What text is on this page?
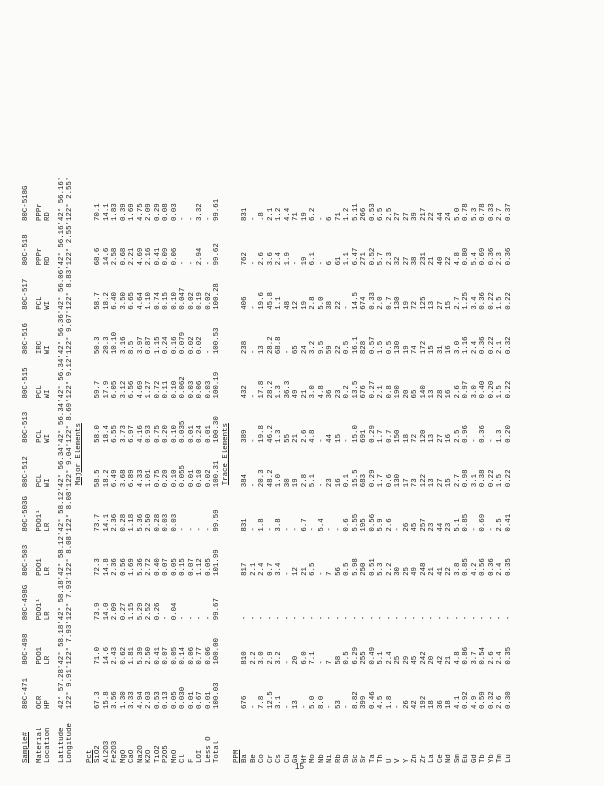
Sample#	80C-471	80C-498	80C-498G	80C-503	80C-503G	80C-512	80C-513	80C-515	80C-516	80C-517	80C-518	80C-518G

Material	OCR	PDO1	PDO1¹	PDO1	PDO1¹	PCL	PCL	PCL	IRC	PCL	PPPr	PPPr
Location	HP	LR	LR	LR	LR	WI	WI	WI	WI	WI	RD	RD

Latitude	42° 57.28'	42° 58.18'	42° 58.18'	42° 58.12'	42° 58.12'	42° 56.34'	42° 56.34'	42° 56.34'	42° 56.36'	42° 56.06'	42° 56.16'	42° 56.16'
Longitude	122° 9.91'	122° 7.93'	122° 7.93'	122° 8.08'	122° 8.08'	122° 9.04'	122° 8.69'	122° 9.12'	122° 9.07'	122° 8.83'	122° 2.55'	122° 2.55'
						Major Elements						
Pct												
SiO2	67.3	71.0	73.9	72.3	73.7	58.5	58.0	59.7	50.3	58.7	68.6	70.1
Al2O3	15.8	14.6	14.0	14.8	14.1	18.2	18.4	17.9	20.3	18.2	14.6	14.1
Fe2O3	3.56	2.43	2.09	2.36	2.36	6.49	6.55	6.05	10.10	6.40	2.58	1.83
MgO	1.30	0.62	0.27	0.56	0.28	3.68	3.73	3.12	3.16	3.50	0.68	0.39
CaO	3.33	1.81	1.15	1.69	1.18	6.89	6.97	6.56	8.5	6.65	2.21	1.69
Na2O	4.94	5.39	5.29	5.36	5.36	4.33	4.16	4.69	3.97	4.64	4.69	4.75
K2O	2.03	2.50	2.52	2.72	2.50	1.01	0.93	1.27	0.87	1.10	2.16	2.09
TiO2	0.53	0.41	0.26	0.40	0.28	0.75	0.75	0.72	1.15	0.74	0.41	0.29
P2O5	0.13	0.07	-	0.07	0.03	0.20	0.20	0.11	0.24	0.15	0.09	0.08
MnO	0.05	0.05	0.04	0.05	0.03	0.10	0.10	0.10	0.16	0.10	0.06	0.03
Cl	0.030	0.14	-	0.15	-	0.055	0.035	0.062	0.079	0.047	-	-
F	0.01	0.06	-	0.07	-	0.01	0.01	0.03	0.02	0.02	-	-
LOI	0.67	0.77	-	1.12	-	0.10	0.24	0.06	0.02	0.19	2.94	3.32
Less O	0.01	0.06	-	0.05	-	0.02	0.01	0.03	-	0.02	-	-
Total	100.03	100.00	99.67	101.99	99.59	100.31	100.30	100.19	100.53	100.28	99.62	99.61
						Trace Elements						
PPM												
Ba	676	810	-	817	831	384	389	432	238	406	762	831
Be	-	2.2	-	2.1	-	-	-	-	-	-	-	-
Co	7.8	3.0	-	2.4	1.8	20.3	19.8	17.8	13	19.6	2.6	.8
Cr	12.5	2.9	-	0.7	-	48.2	46.2	28.2	28.2	45.8	3.6	2.1
Cs	3.1	3.2	-	3.4	3.8	1.0	1.3	1.3	68.8	1.1	2.4	1.2
Cu	-	-	-	-	-	30	55	36.3	-	48	1.9	4.4
Ga	13	20	-	12	-	19	21	49	65	12	-	71
Hf	-	6.0	-	21	6.7	2.8	2.6	21	24	19	19	19
Mo	5.0	7.1	-	6.5	-	5.1	4.8	3.0	3.2	2.8	6.1	6.2
Nb	8.0	-	-	-	5.4	-	-	4.8	9.5	5.0	-	-
Ni	-	7	-	7	-	23	44	36	59	38	6	6
Rb	53	58	-	56	-	16	15	23	22	22	61	71
Sb	-	0.5	-	0.5	0.6	0.1	-	0.2	0.5	-	1.1	1.2
Sc	8.82	6.29	-	5.98	5.55	15.5	15.0	13.5	16.1	14.5	6.47	5.11
Sr	399	255	-	250	195	683	691	676	828	674	271	266
Ta	0.46	0.49	-	0.51	0.56	0.29	0.29	0.27	0.57	0.33	0.52	0.53
Th	4.5	5.1	-	5.3	5.9	1.7	1.7	2.1	1.5	2.0	5.7	6.5
U	1.8	2.4	-	2.2	2.6	0.6	0.7	0.8	0.5	0.7	2.3	2.5
V	-	25	-	30	-	130	150	190	130	130	32	27
Y	26	29	-	25	26	17	18	20	19	19	27	27
Zn	42	45	-	49	45	73	72	65	74	72	38	39
Zr	192	242	-	248	257	122	120	140	172	125	231	217
La	18	20	-	21	23	13	13	13	15	13	21	22
Ce	36	42	-	41	44	27	27	28	31	27	40	44
Nd	18	21	-	22	23	15	16	16	16	15	22	24
Sm	4.1	4.8	-	3.8	5.1	2.7	2.5	2.6	3.0	2.7	4.8	5.0
Eu	0.92	0.86	-	0.85	0.85	0.98	0.96	0.97	1.16	1.25	0.80	0.78
Gd	4.9	3.7	-	4.2	-	3.1	-	3.0	2.4	3.4	5.4	5.3
Tb	0.59	0.54	-	0.56	0.69	0.38	0.36	0.40	0.36	0.36	0.69	0.78
Yb	0.32	2.6	-	0.36	-	0.22	-	0.20	0.22	0.22	0.36	0.33
Tm	2.6	2.4	-	2.4	2.5	1.5	1.3	1.5	2.1	1.5	2.3	2.7
Lu	0.30	0.35	-	0.35	0.41	0.22	0.20	0.22	0.32	0.22	0.36	0.37
15
